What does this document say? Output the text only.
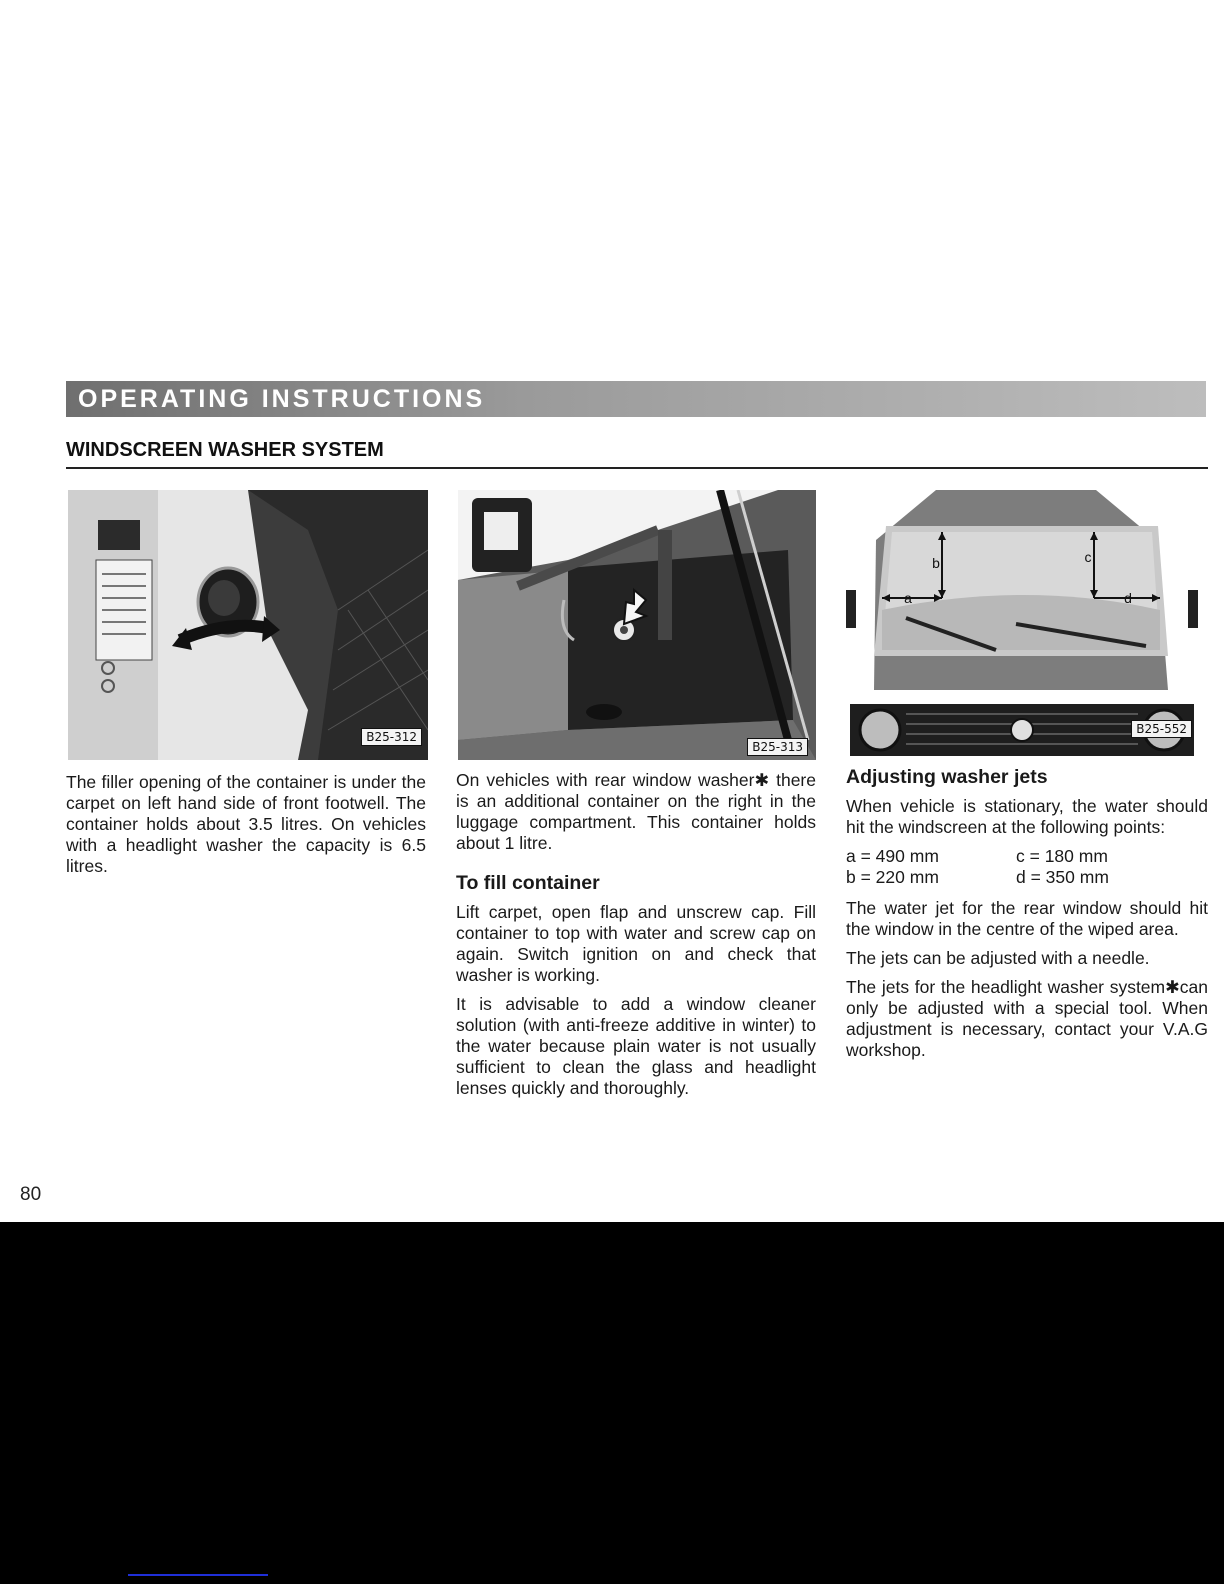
OPERATING INSTRUCTIONS
WINDSCREEN WASHER SYSTEM
B25-312
B25-313
a
b	c
d
B25-552

The filler opening of the container is under the carpet on left hand side of front footwell. The container holds about 3.5 litres. On vehicles with a headlight washer the capacity is 6.5 litres.

On vehicles with rear window washer✱ there is an additional container on the right in the luggage compartment. This container holds about 1 litre.

To fill container

Lift carpet, open flap and unscrew cap. Fill container to top with water and screw cap on again. Switch ignition on and check that washer is working.

It is advisable to add a window cleaner solution (with anti-freeze additive in winter) to the water because plain water is not usually sufficient to clean the glass and headlight lenses quickly and thoroughly.

Adjusting washer jets

When vehicle is stationary, the water should hit the windscreen at the following points:

a = 490 mm	c = 180 mm
b = 220 mm	d = 350 mm

The water jet for the rear window should hit the window in the centre of the wiped area.

The jets can be adjusted with a needle.

The jets for the headlight washer system✱can only be adjusted with a special tool. When adjustment is necessary, contact your V.A.G workshop.

80
